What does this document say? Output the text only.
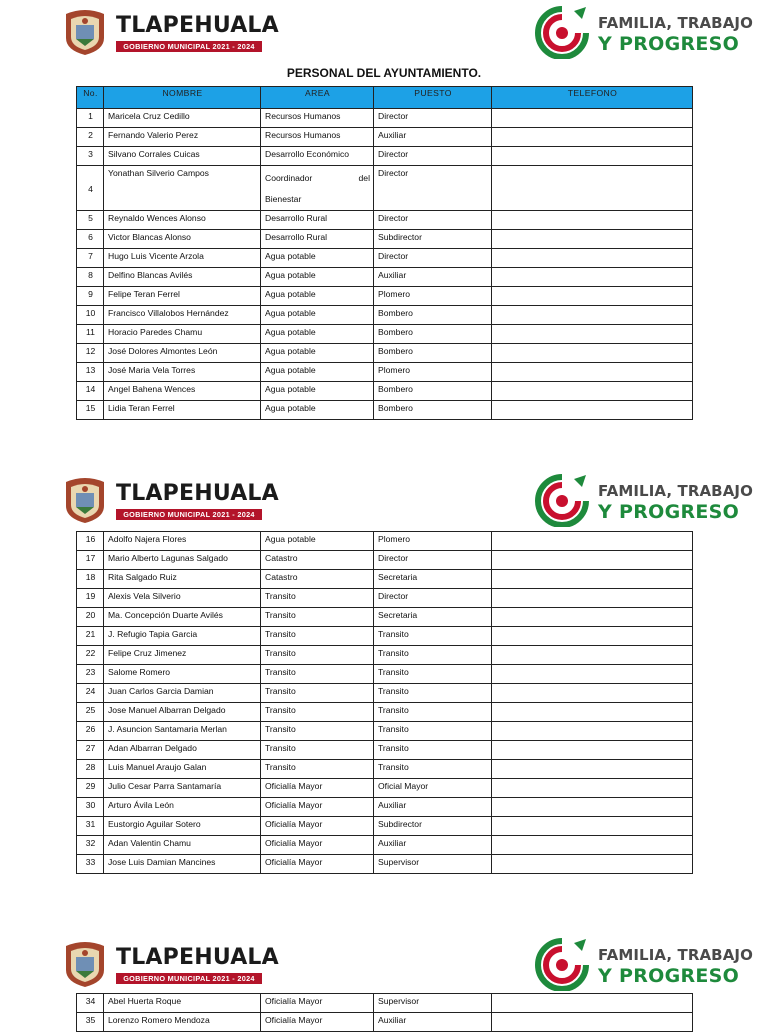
TLAPEHUALA
GOBIERNO MUNICIPAL 2021 - 2024
FAMILIA, TRABAJO
Y PROGRESO
PERSONAL DEL AYUNTAMIENTO.
No.	NOMBRE	AREA	PUESTO	TELEFONO
1	Maricela Cruz Cedillo	Recursos Humanos	Director	
2	Fernando Valerio Perez	Recursos Humanos	Auxiliar	
3	Silvano Corrales Cuicas	Desarrollo Económico	Director	
4	Yonathan Silverio Campos	Coordinador del
Bienestar	Director	
5	Reynaldo Wences Alonso	Desarrollo Rural	Director	
6	Victor Blancas Alonso	Desarrollo Rural	Subdirector	
7	Hugo Luis Vicente Arzola	Agua potable	Director	
8	Delfino Blancas Avilés	Agua potable	Auxiliar	
9	Felipe Teran Ferrel	Agua potable	Plomero	
10	Francisco Villalobos Hernández	Agua potable	Bombero	
11	Horacio Paredes Chamu	Agua potable	Bombero	
12	José Dolores Almontes León	Agua potable	Bombero	
13	José Maria Vela Torres	Agua potable	Plomero	
14	Angel Bahena Wences	Agua potable	Bombero	
15	Lidia Teran Ferrel	Agua potable	Bombero	
TLAPEHUALA
GOBIERNO MUNICIPAL 2021 - 2024
FAMILIA, TRABAJO
Y PROGRESO
16	Adolfo Najera Flores	Agua potable	Plomero	
17	Mario Alberto Lagunas Salgado	Catastro	Director	
18	Rita Salgado Ruiz	Catastro	Secretaria	
19	Alexis Vela Silverio	Transito	Director	
20	Ma. Concepción Duarte Avilés	Transito	Secretaria	
21	J. Refugio Tapia Garcia	Transito	Transito	
22	Felipe Cruz Jimenez	Transito	Transito	
23	Salome Romero	Transito	Transito	
24	Juan Carlos Garcia Damian	Transito	Transito	
25	Jose Manuel Albarran Delgado	Transito	Transito	
26	J. Asuncion Santamaria Merlan	Transito	Transito	
27	Adan Albarran Delgado	Transito	Transito	
28	Luis Manuel Araujo Galan	Transito	Transito	
29	Julio Cesar Parra Santamaría	Oficialía Mayor	Oficial Mayor	
30	Arturo Ávila León	Oficialía Mayor	Auxiliar	
31	Eustorgio Aguilar Sotero	Oficialía Mayor	Subdirector	
32	Adan Valentin Chamu	Oficialía Mayor	Auxiliar	
33	Jose Luis Damian Mancines	Oficialía Mayor	Supervisor	
TLAPEHUALA
GOBIERNO MUNICIPAL 2021 - 2024
FAMILIA, TRABAJO
Y PROGRESO
34	Abel Huerta Roque	Oficialía Mayor	Supervisor	
35	Lorenzo Romero Mendoza	Oficialía Mayor	Auxiliar	
